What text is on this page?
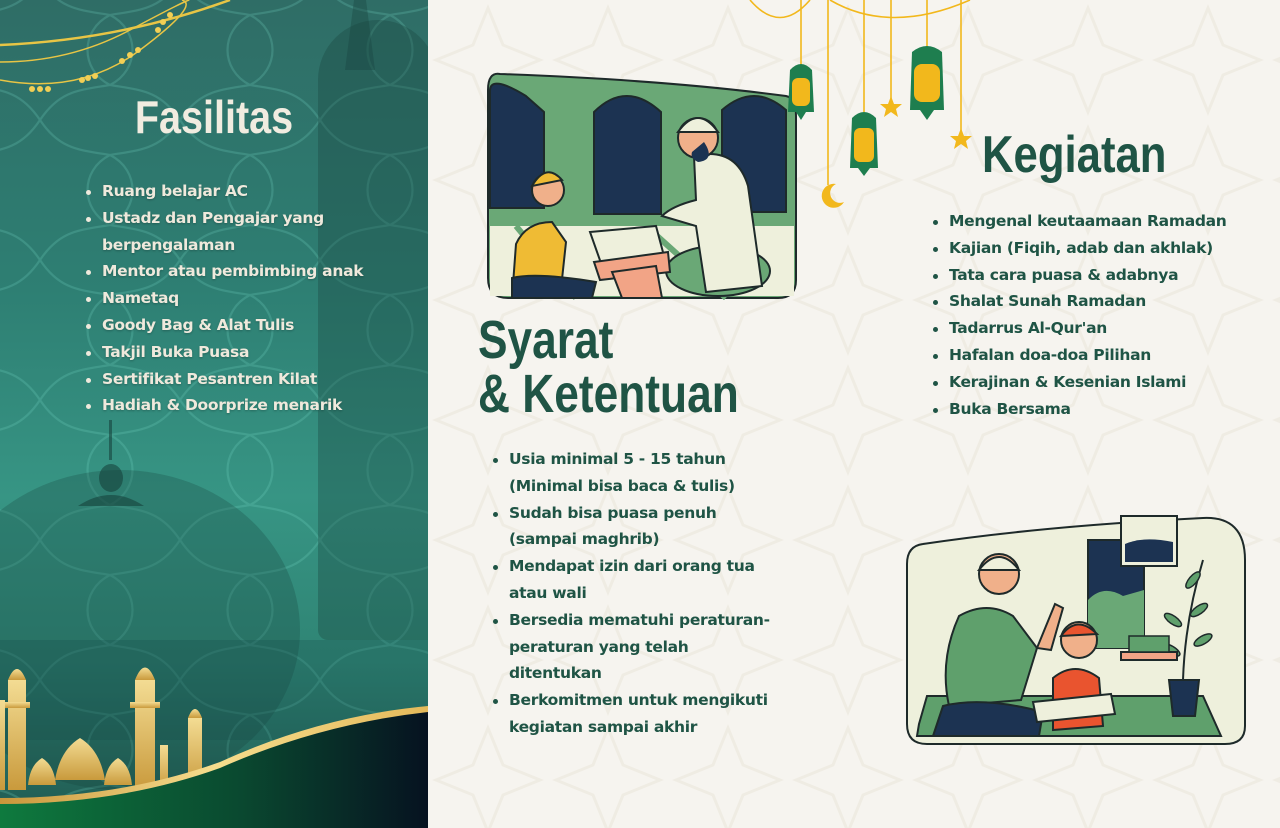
Fasilitas
Ruang belajar AC
Ustadz dan Pengajar yang berpengalaman
Mentor atau pembimbing anak
Nametaq
Goody Bag & Alat Tulis
Takjil Buka Puasa
Sertifikat Pesantren Kilat
Hadiah & Doorprize menarik
Kegiatan
Syarat
& Ketentuan
Mengenal keutaamaan Ramadan
Kajian (Fiqih, adab dan akhlak)
Tata cara puasa & adabnya
Shalat Sunah Ramadan
Tadarrus Al-Qur'an
Hafalan doa-doa Pilihan
Kerajinan & Kesenian Islami
Buka Bersama
Usia minimal 5 - 15 tahun (Minimal bisa baca & tulis)
Sudah bisa puasa penuh (sampai maghrib)
Mendapat izin dari orang tua atau wali
Bersedia mematuhi peraturan-peraturan yang telah ditentukan
Berkomitmen untuk mengikuti kegiatan sampai akhir
